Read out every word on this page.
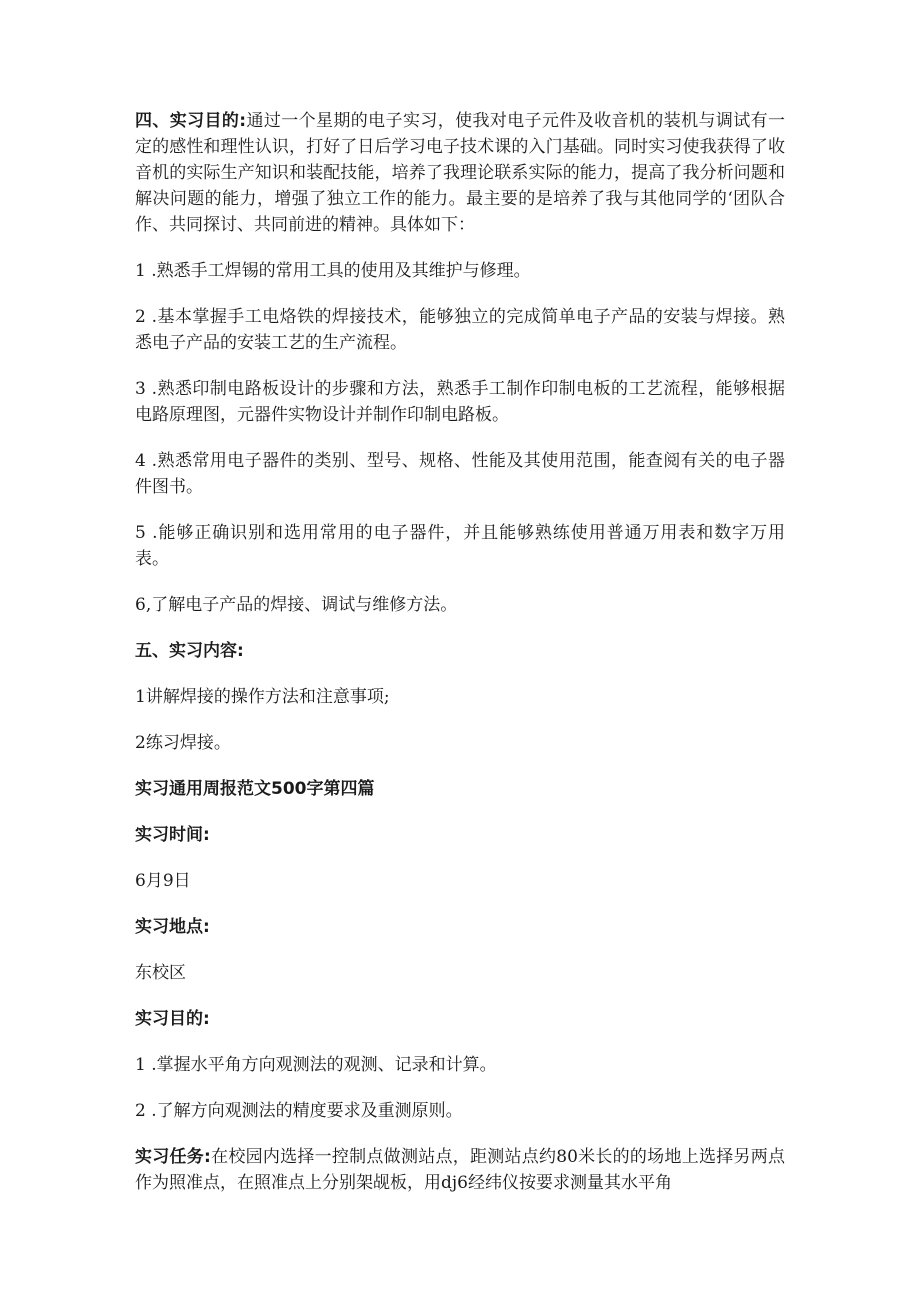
四、实习目的:通过一个星期的电子实习，使我对电子元件及收音机的装机与调试有一定的感性和理性认识，打好了日后学习电子技术课的入门基础。同时实习使我获得了收音机的实际生产知识和装配技能，培养了我理论联系实际的能力，提高了我分析问题和解决问题的能力，增强了独立工作的能力。最主要的是培养了我与其他同学的‘团队合作、共同探讨、共同前进的精神。具体如下：

1 .熟悉手工焊锡的常用工具的使用及其维护与修理。

2 .基本掌握手工电烙铁的焊接技术，能够独立的完成简单电子产品的安装与焊接。熟悉电子产品的安装工艺的生产流程。

3 .熟悉印制电路板设计的步骤和方法，熟悉手工制作印制电板的工艺流程，能够根据电路原理图，元器件实物设计并制作印制电路板。

4 .熟悉常用电子器件的类别、型号、规格、性能及其使用范围，能查阅有关的电子器件图书。

5 .能够正确识别和选用常用的电子器件，并且能够熟练使用普通万用表和数字万用表。

6,了解电子产品的焊接、调试与维修方法。

五、实习内容:

1讲解焊接的操作方法和注意事项;

2练习焊接。

实习通用周报范文500字第四篇

实习时间:

6月9日

实习地点:

东校区

实习目的:

1 .掌握水平角方向观测法的观测、记录和计算。

2 .了解方向观测法的精度要求及重测原则。

实习任务:在校园内选择一控制点做测站点，距测站点约80米长的的场地上选择另两点作为照准点，在照准点上分别架觇板，用dj6经纬仪按要求测量其水平角
